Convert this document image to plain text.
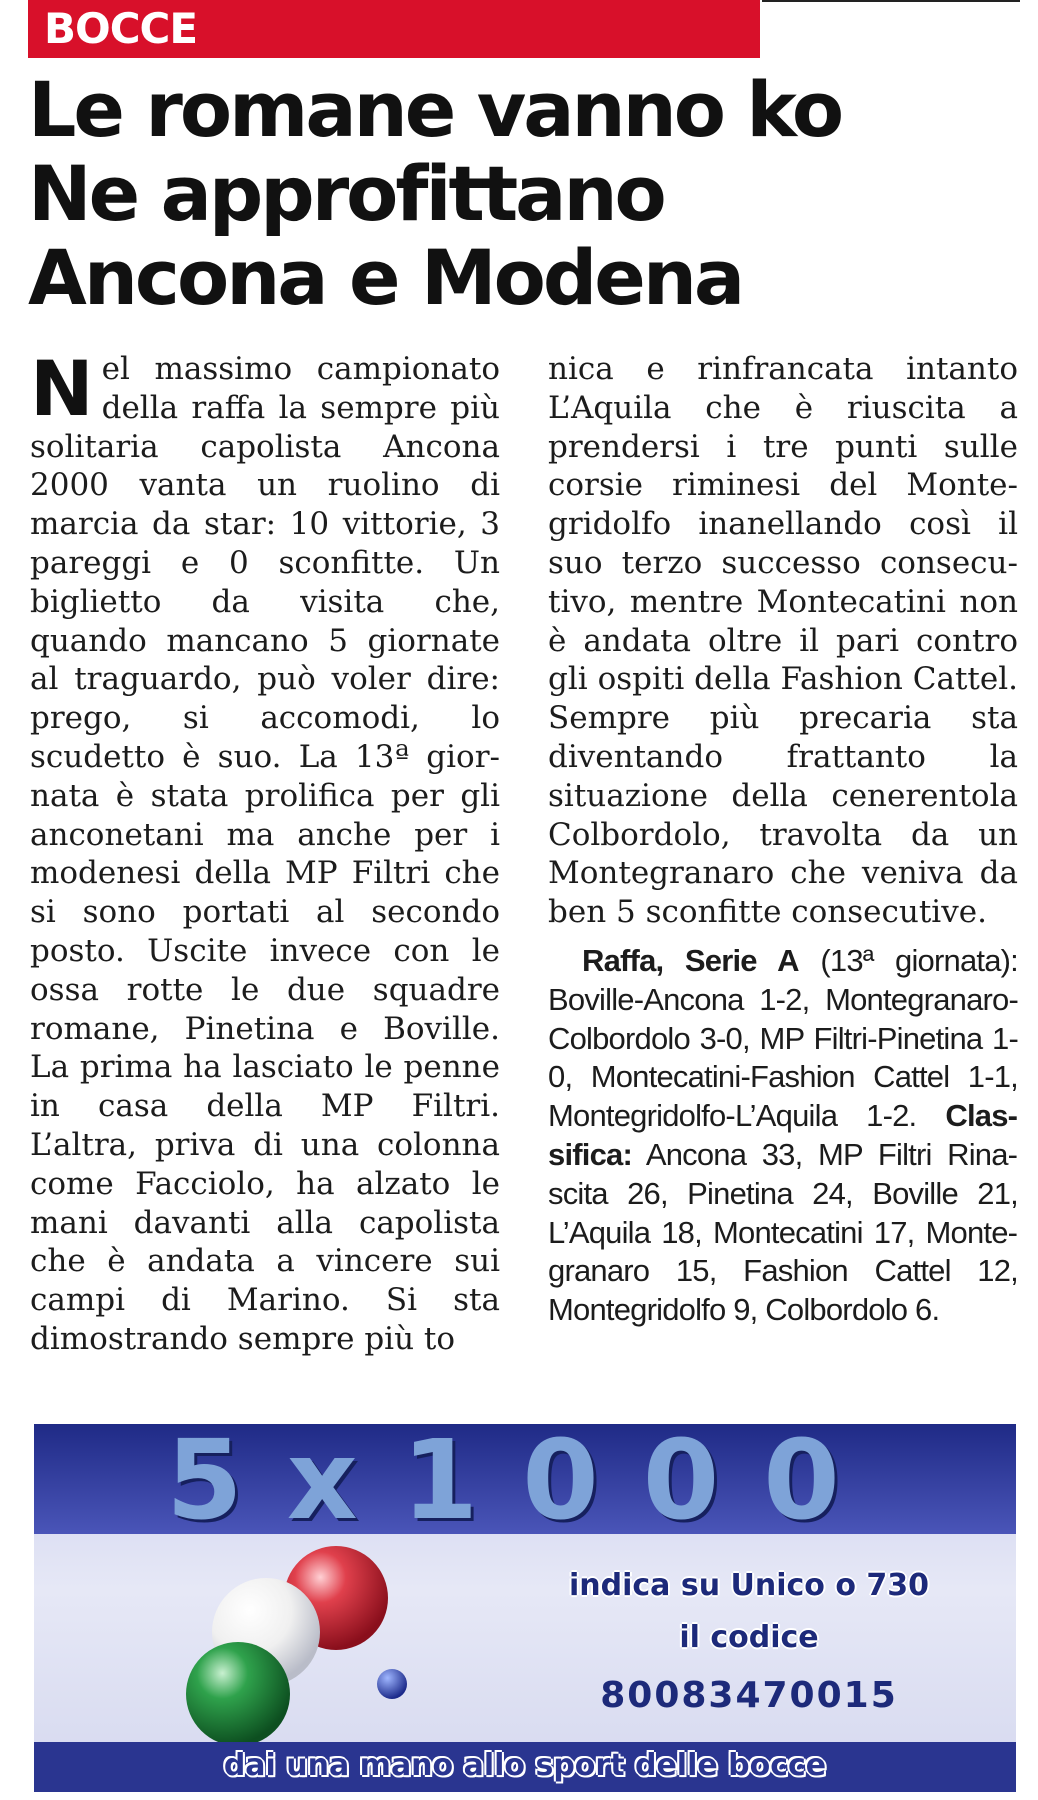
BOCCE
Le romane vanno ko
Ne approfittano
Ancona e Modena

Nel massimo campionato della raffa la sempre più solitaria capolista Ancona 2000 vanta un ruolino di marcia da star: 10 vittorie, 3 pareggi e 0 sconfitte. Un biglietto da visita che, quando mancano 5 giornate al traguardo, può voler dire: prego, si accomodi, lo scudetto è suo. La 13ª giornata è stata prolifica per gli anconetani ma anche per i modenesi della MP Filtri che si sono portati al secondo posto. Uscite invece con le ossa rotte le due squadre romane, Pinetina e Boville. La prima ha lasciato le penne in casa della MP Filtri. L’altra, priva di una colonna come Facciolo, ha alzato le mani davanti alla capolista che è andata a vincere sui campi di Marino. Si sta dimostrando sempre più to

nica e rinfrancata intanto L’Aquila che è riuscita a prendersi i tre punti sulle corsie riminesi del Montegridolfo inanellando così il suo terzo successo consecutivo, mentre Montecatini non è andata oltre il pari contro gli ospiti della Fashion Cattel. Sempre più precaria sta diventando frattanto la situazione della cenerentola Colbordolo, travolta da un Montegranaro che veniva da ben 5 sconfitte consecutive.

Raffa, Serie A (13ª giornata): Boville-Ancona 1-2, Montegranaro-Colbordolo 3-0, MP Filtri-Pinetina 1-0, Montecatini-Fashion Cattel 1-1, Montegridolfo-L’Aquila 1-2. Classifica: Ancona 33, MP Filtri Rinascita 26, Pinetina 24, Boville 21, L’Aquila 18, Montecatini 17, Montegranaro 15, Fashion Cattel 12, Montegridolfo 9, Colbordolo 6.

5x1000
indica su Unico o 730
il codice
80083470015
dai una mano allo sport delle bocce
